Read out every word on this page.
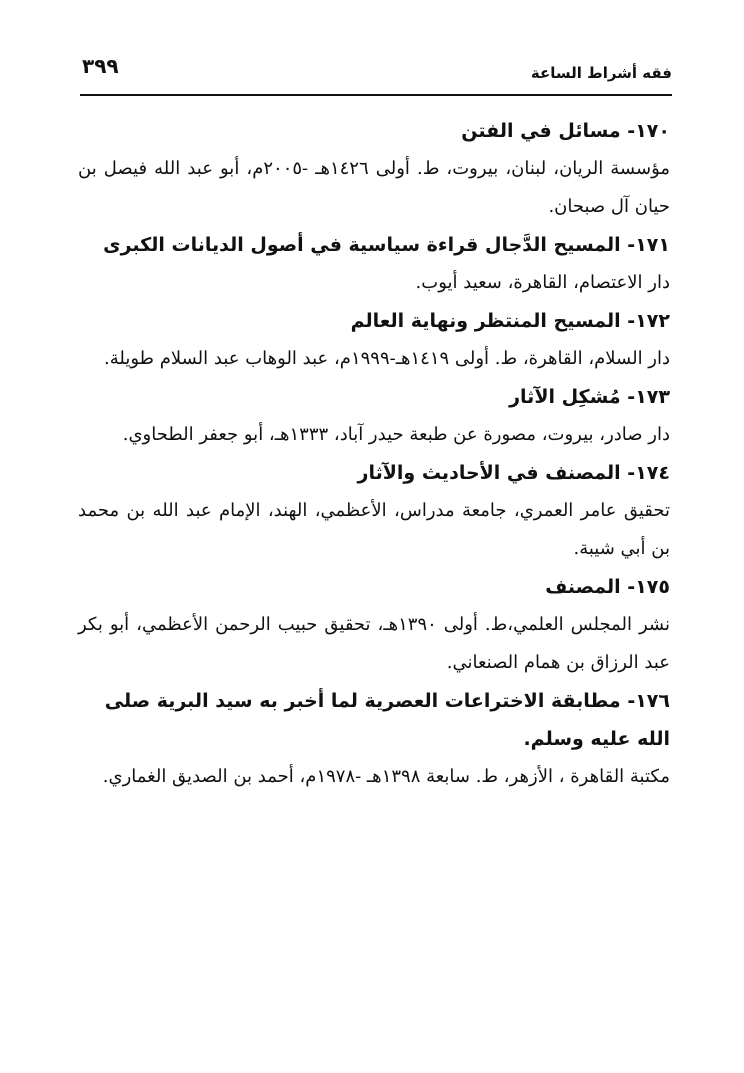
٣٩٩	فقه أشراط الساعة

١٧٠- مسائل في الفتن

مؤسسة الريان، لبنان، بيروت، ط. أولى ١٤٢٦هـ -٢٠٠٥م، أبو عبد الله فيصل بن حيان آل صبحان.

١٧١- المسيح الدَّجال قراءة سياسية في أصول الديانات الكبرى

دار الاعتصام، القاهرة، سعيد أيوب.

١٧٢- المسيح المنتظر ونهاية العالم

دار السلام، القاهرة، ط. أولى ١٤١٩هـ-١٩٩٩م، عبد الوهاب عبد السلام طويلة.

١٧٣- مُشكِل الآثار

دار صادر، بيروت، مصورة عن طبعة حيدر آباد، ١٣٣٣هـ، أبو جعفر الطحاوي.

١٧٤- المصنف في الأحاديث والآثار

تحقيق عامر العمري، جامعة مدراس، الأعظمي، الهند، الإمام عبد الله بن محمد بن أبي شيبة.

١٧٥- المصنف

نشر المجلس العلمي،ط. أولى ١٣٩٠هـ، تحقيق حبيب الرحمن الأعظمي، أبو بكر عبد الرزاق بن همام الصنعاني.

١٧٦- مطابقة الاختراعات العصرية لما أخبر به سيد البرية صلى الله عليه وسلم.

مكتبة القاهرة ، الأزهر، ط. سابعة ١٣٩٨هـ -١٩٧٨م، أحمد بن الصديق الغماري.
